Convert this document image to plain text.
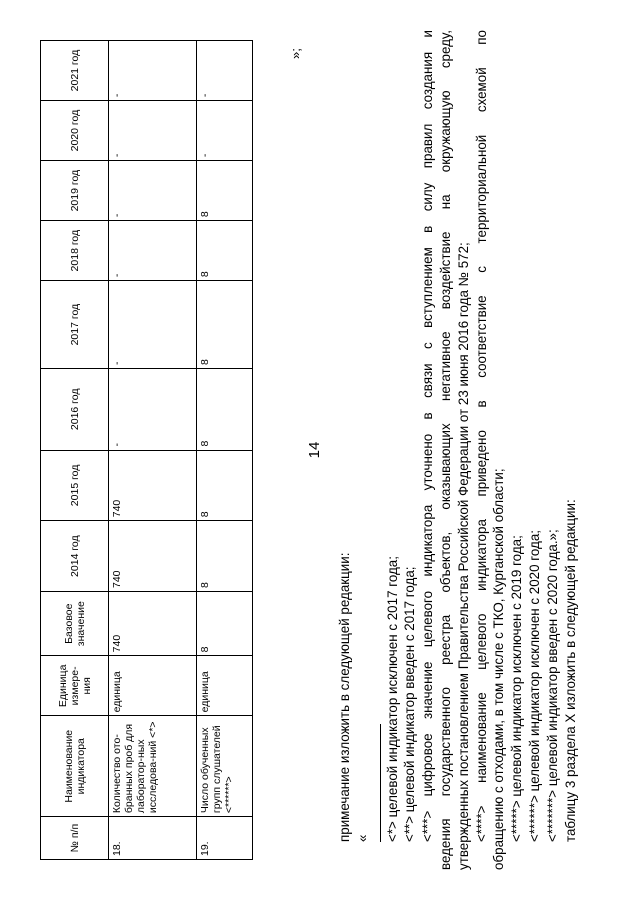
№ п/п	Наименование индикатора	Единица измере-ния	Базовое значение	2014 год	2015 год	2016 год	2017 год	2018 год	2019 год	2020 год	2021 год
18.	Количество ото-бранных проб для лаборатор-ных исследова-ний <*>	единица	740	740	740	-	-	-	-	-	-
19.	Число обученных групп слушателей <******>	единица	8	8	8	8	8	8	8	-	-
»;
14

примечание изложить в следующей редакции: « <*> целевой индикатор исключен с 2017 года; <**> целевой индикатор введен с 2017 года; <***> цифровое значение целевого индикатора уточнено в связи с вступлением в силу правил создания и ведения государственного реестра объектов, оказывающих негативное воздействие на окружающую среду, утвержденных постановлением Правительства Российской Федерации от 23 июня 2016 года № 572; <****> наименование целевого индикатора приведено в соответствие с территориальной схемой по обращению с отходами, в том числе с ТКО, Курганской области; <*****> целевой индикатор исключен с 2019 года; <******> целевой индикатор исключен с 2020 года; <*******> целевой индикатор введен с 2020 года.»; таблицу 3 раздела X изложить в следующей редакции:
